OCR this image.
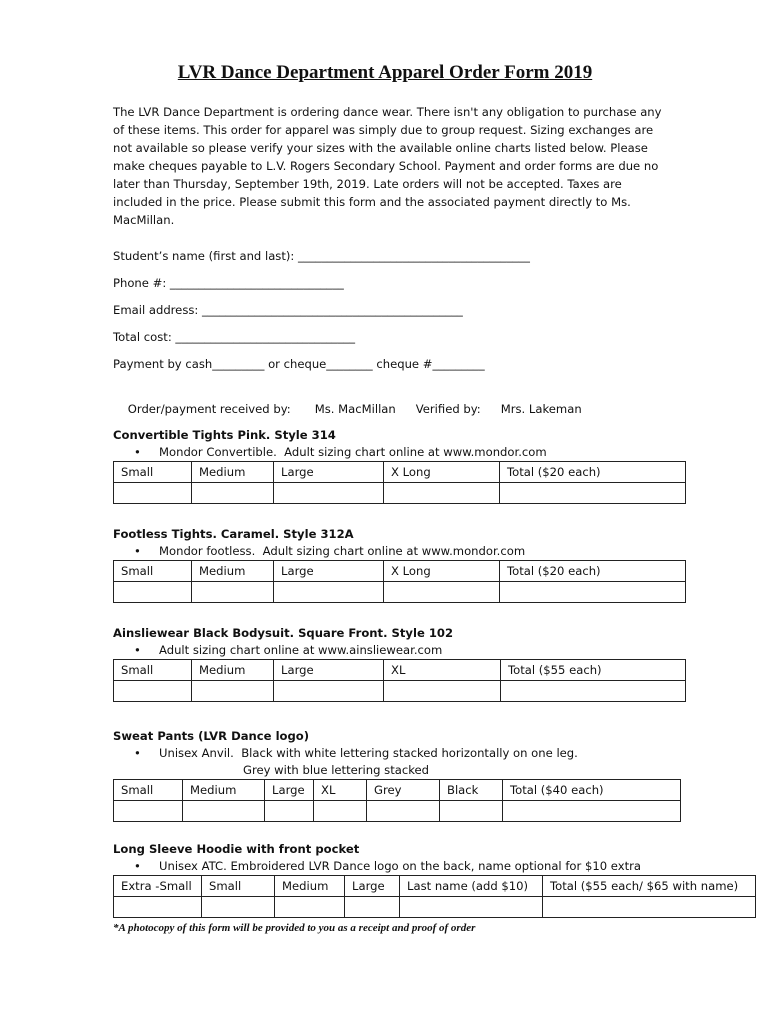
LVR Dance Department Apparel Order Form 2019
The LVR Dance Department is ordering dance wear. There isn't any obligation to purchase any of these items. This order for apparel was simply due to group request. Sizing exchanges are not available so please verify your sizes with the available online charts listed below. Please make cheques payable to L.V. Rogers Secondary School. Payment and order forms are due no later than Thursday, September 19th, 2019. Late orders will not be accepted. Taxes are included in the price. Please submit this form and the associated payment directly to Ms. MacMillan.
Student’s name (first and last): ________________________________________
Phone #: ______________________________
Email address: _____________________________________________
Total cost: _______________________________
Payment by cash_________ or cheque________ cheque #_________

Order/payment received by: Ms. MacMillan Verified by: Mrs. Lakeman

Convertible Tights Pink. Style 314
• Mondor Convertible.  Adult sizing chart online at www.mondor.com
Small	Medium	Large	X Long	Total ($20 each)

Footless Tights. Caramel. Style 312A
• Mondor footless.  Adult sizing chart online at www.mondor.com
Small	Medium	Large	X Long	Total ($20 each)

Ainsliewear Black Bodysuit. Square Front. Style 102
• Adult sizing chart online at www.ainsliewear.com
Small	Medium	Large	XL	Total ($55 each)

Sweat Pants (LVR Dance logo)
• Unisex Anvil.  Black with white lettering stacked horizontally on one leg.
Grey with blue lettering stacked
Small	Medium	Large	XL	Grey	Black	Total ($40 each)

Long Sleeve Hoodie with front pocket
• Unisex ATC. Embroidered LVR Dance logo on the back, name optional for $10 extra
Extra -Small	Small	Medium	Large	Last name (add $10)	Total ($55 each/ $65 with name)

*A photocopy of this form will be provided to you as a receipt and proof of order
